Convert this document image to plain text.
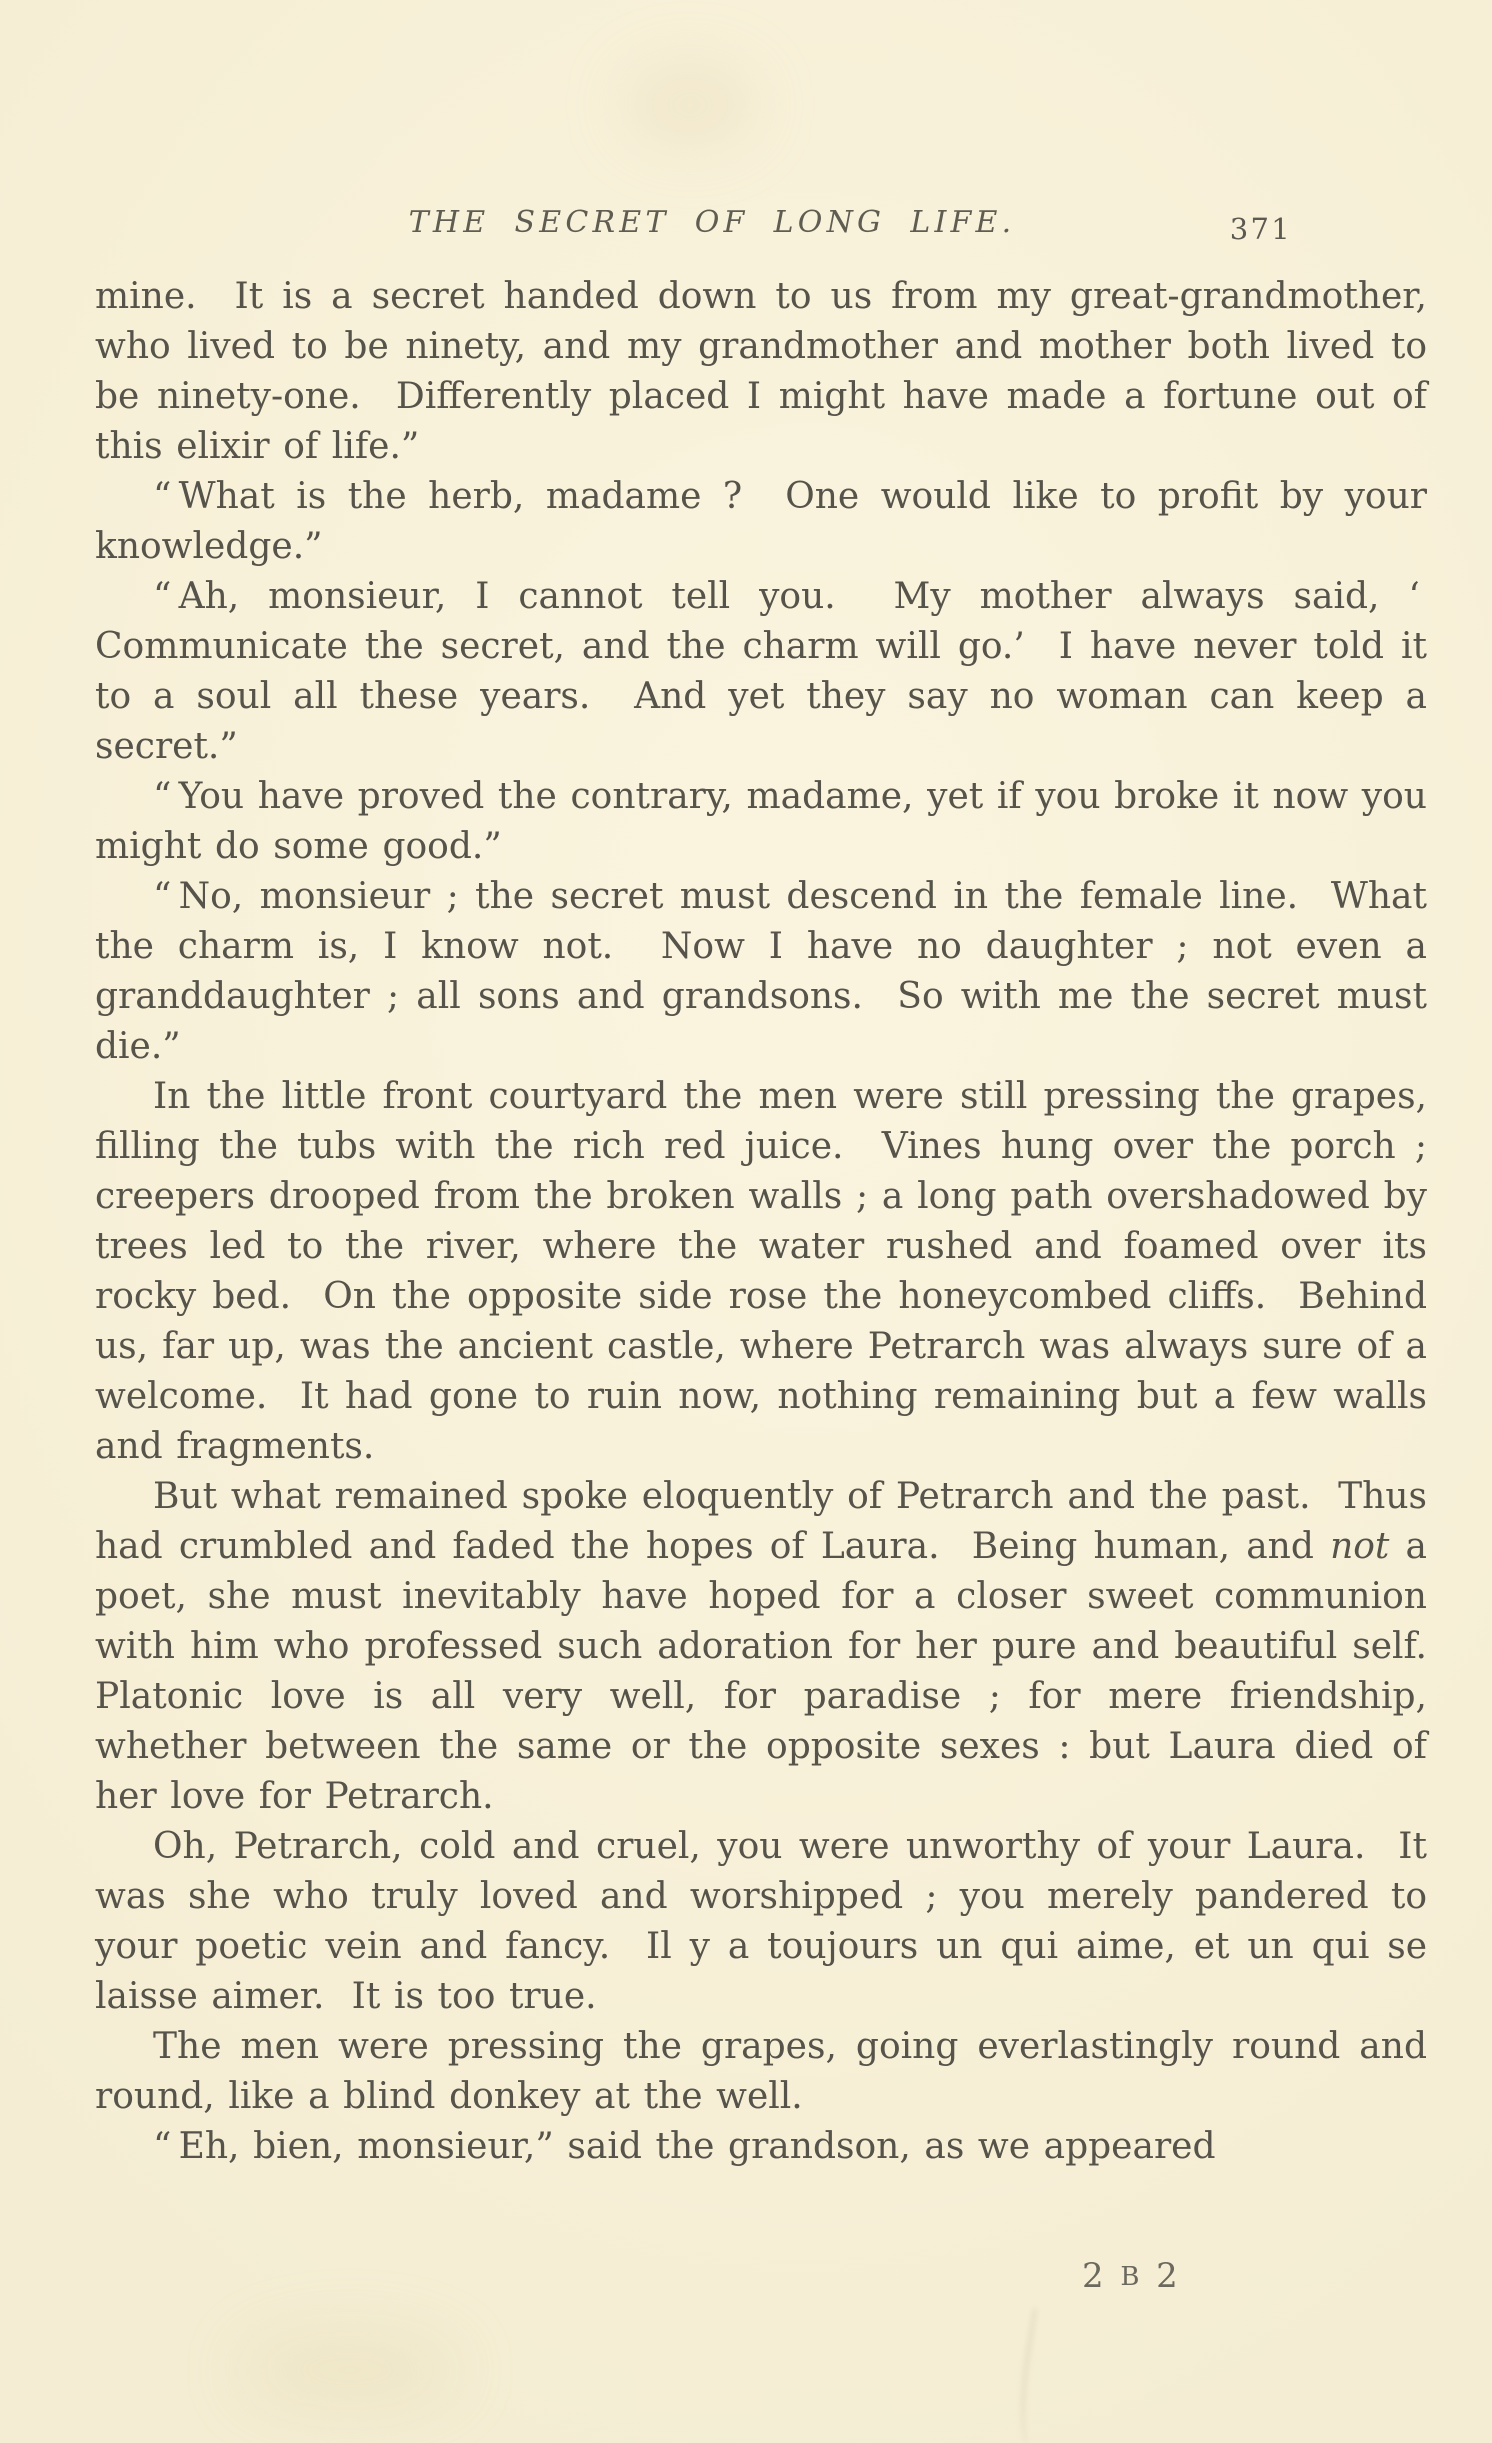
THE SECRET OF LONG LIFE.	371

mine.  It is a secret handed down to us from my great-grandmother, who lived to be ninety, and my grandmother and mother both lived to be ninety-one.  Differently placed I might have made a fortune out of this elixir of life.”

“ What is the herb, madame ?  One would like to profit by your knowledge.”

“ Ah, monsieur, I cannot tell you.  My mother always said, ‘ Communicate the secret, and the charm will go.’  I have never told it to a soul all these years.  And yet they say no woman can keep a secret.”

“ You have proved the contrary, madame, yet if you broke it now you might do some good.”

“ No, monsieur ; the secret must descend in the female line.  What the charm is, I know not.  Now I have no daughter ; not even a granddaughter ; all sons and grandsons.  So with me the secret must die.”

In the little front courtyard the men were still pressing the grapes, filling the tubs with the rich red juice.  Vines hung over the porch ; creepers drooped from the broken walls ; a long path overshadowed by trees led to the river, where the water rushed and foamed over its rocky bed.  On the opposite side rose the honeycombed cliffs.  Behind us, far up, was the ancient castle, where Petrarch was always sure of a welcome.  It had gone to ruin now, nothing remaining but a few walls and fragments.

But what remained spoke eloquently of Petrarch and the past.  Thus had crumbled and faded the hopes of Laura.  Being human, and not a poet, she must inevitably have hoped for a closer sweet communion with him who professed such adoration for her pure and beautiful self.  Platonic love is all very well, for paradise ; for mere friendship, whether between the same or the opposite sexes : but Laura died of her love for Petrarch.

Oh, Petrarch, cold and cruel, you were unworthy of your Laura.  It was she who truly loved and worshipped ; you merely pandered to your poetic vein and fancy.  Il y a toujours un qui aime, et un qui se laisse aimer.  It is too true.

The men were pressing the grapes, going everlastingly round and round, like a blind donkey at the well.

“ Eh, bien, monsieur,” said the grandson, as we appeared

2 B 2
